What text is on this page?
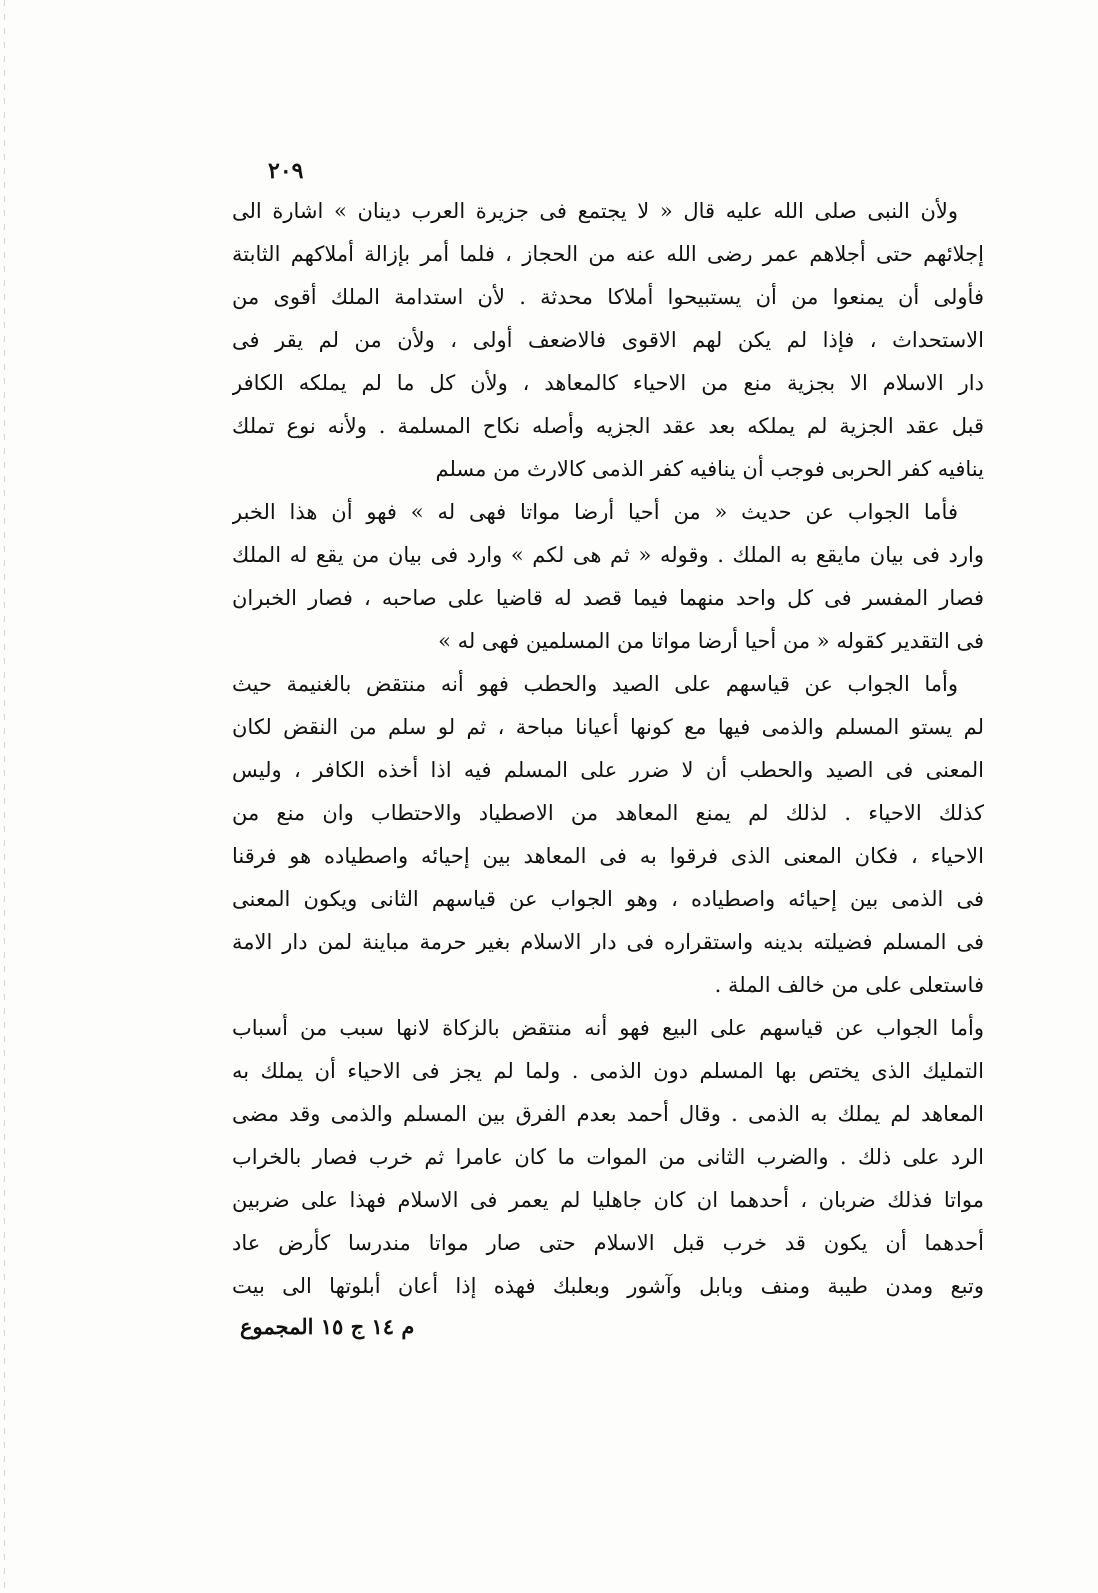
٢٠٩
ولأن النبى صلى الله عليه قال « لا يجتمع فى جزيرة العرب دينان » اشارة الى
إجلائهم حتى أجلاهم عمر رضى الله عنه من الحجاز ، فلما أمر بإزالة أملاكهم الثابتة
فأولى أن يمنعوا من أن يستبيحوا أملاكا محدثة . لأن استدامة الملك أقوى من
الاستحداث ، فإذا لم يكن لهم الاقوى فالاضعف أولى ، ولأن من لم يقر فى
دار الاسلام الا بجزية منع من الاحياء كالمعاهد ، ولأن كل ما لم يملكه الكافر
قبل عقد الجزية لم يملكه بعد عقد الجزيه وأصله نكاح المسلمة . ولأنه نوع تملك
ينافيه كفر الحربى فوجب أن ينافيه كفر الذمى كالارث من مسلم
فأما الجواب عن حديث « من أحيا أرضا مواتا فهى له » فهو أن هذا الخبر
وارد فى بيان مايقع به الملك . وقوله « ثم هى لكم » وارد فى بيان من يقع له الملك
فصار المفسر فى كل واحد منهما فيما قصد له قاضيا على صاحبه ، فصار الخبران
فى التقدير كقوله « من أحيا أرضا مواتا من المسلمين فهى له »
وأما الجواب عن قياسهم على الصيد والحطب فهو أنه منتقض بالغنيمة حيث
لم يستو المسلم والذمى فيها مع كونها أعيانا مباحة ، ثم لو سلم من النقض لكان
المعنى فى الصيد والحطب أن لا ضرر على المسلم فيه اذا أخذه الكافر ، وليس
كذلك الاحياء . لذلك لم يمنع المعاهد من الاصطياد والاحتطاب وان منع من
الاحياء ، فكان المعنى الذى فرقوا به فى المعاهد بين إحيائه واصطياده هو فرقنا
فى الذمى بين إحيائه واصطياده ، وهو الجواب عن قياسهم الثانى ويكون المعنى
فى المسلم فضيلته بدينه واستقراره فى دار الاسلام بغير حرمة مباينة لمن دار الامة
فاستعلى على من خالف الملة .
وأما الجواب عن قياسهم على البيع فهو أنه منتقض بالزكاة لانها سبب من أسباب
التمليك الذى يختص بها المسلم دون الذمى . ولما لم يجز فى الاحياء أن يملك به
المعاهد لم يملك به الذمى . وقال أحمد بعدم الفرق بين المسلم والذمى وقد مضى
الرد على ذلك . والضرب الثانى من الموات ما كان عامرا ثم خرب فصار بالخراب
مواتا فذلك ضربان ، أحدهما ان كان جاهليا لم يعمر فى الاسلام فهذا على ضربين
أحدهما أن يكون قد خرب قبل الاسلام حتى صار مواتا مندرسا كأرض عاد
وتبع ومدن طيبة ومنف وبابل وآشور وبعلبك فهذه إذا أعان أبلوتها الى بيت
م ١٤ ج ١٥ المجموع
